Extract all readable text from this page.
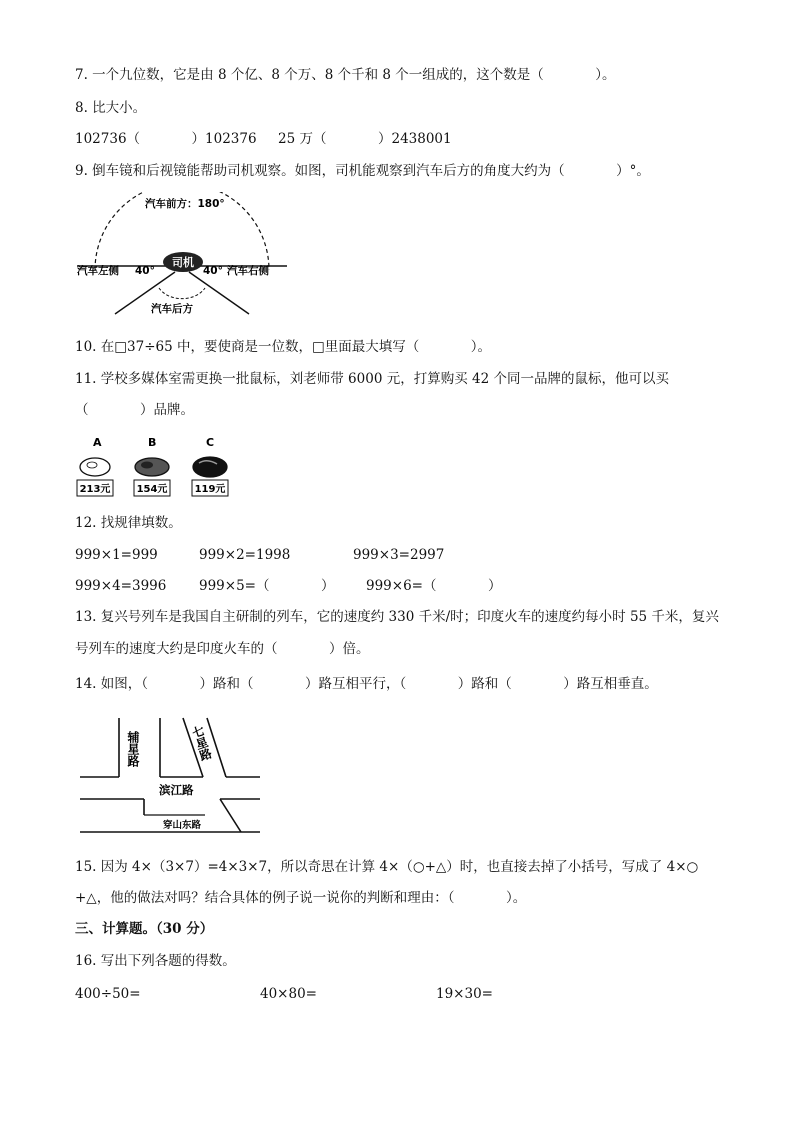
7. 一个九位数，它是由 8 个亿、8 个万、8 个千和 8 个一组成的，这个数是（            ）。
8. 比大小。
102736（            ）102376     25 万（            ）2438001
9. 倒车镜和后视镜能帮助司机观察。如图，司机能观察到汽车后方的角度大约为（            ）°。
司机
汽车前方：180°
汽车左侧 40°	40° 汽车右侧
汽车后方
10. 在□37÷65 中，要使商是一位数，□里面最大填写（            ）。
11. 学校多媒体室需更换一批鼠标，刘老师带 6000 元，打算购买 42 个同一品牌的鼠标，他可以买
（            ）品牌。
A
213元
B
154元
C
119元
12. 找规律填数。
999×1=999	999×2=1998	999×3=2997
999×4=3996 999×5=（            ） 999×6=（            ）
13. 复兴号列车是我国自主研制的列车，它的速度约 330 千米/时；印度火车的速度约每小时 55 千米，复兴
号列车的速度大约是印度火车的（            ）倍。
14. 如图，（            ）路和（            ）路互相平行，（            ）路和（            ）路互相垂直。
辅星路	七星路
滨江路
穿山东路
15. 因为 4×（3×7）=4×3×7，所以奇思在计算 4×（○+△）时，也直接去掉了小括号，写成了 4×○
+△，他的做法对吗？结合具体的例子说一说你的判断和理由：（            ）。
三、计算题。（30 分）
16. 写出下列各题的得数。
400÷50=	40×80=	19×30=
